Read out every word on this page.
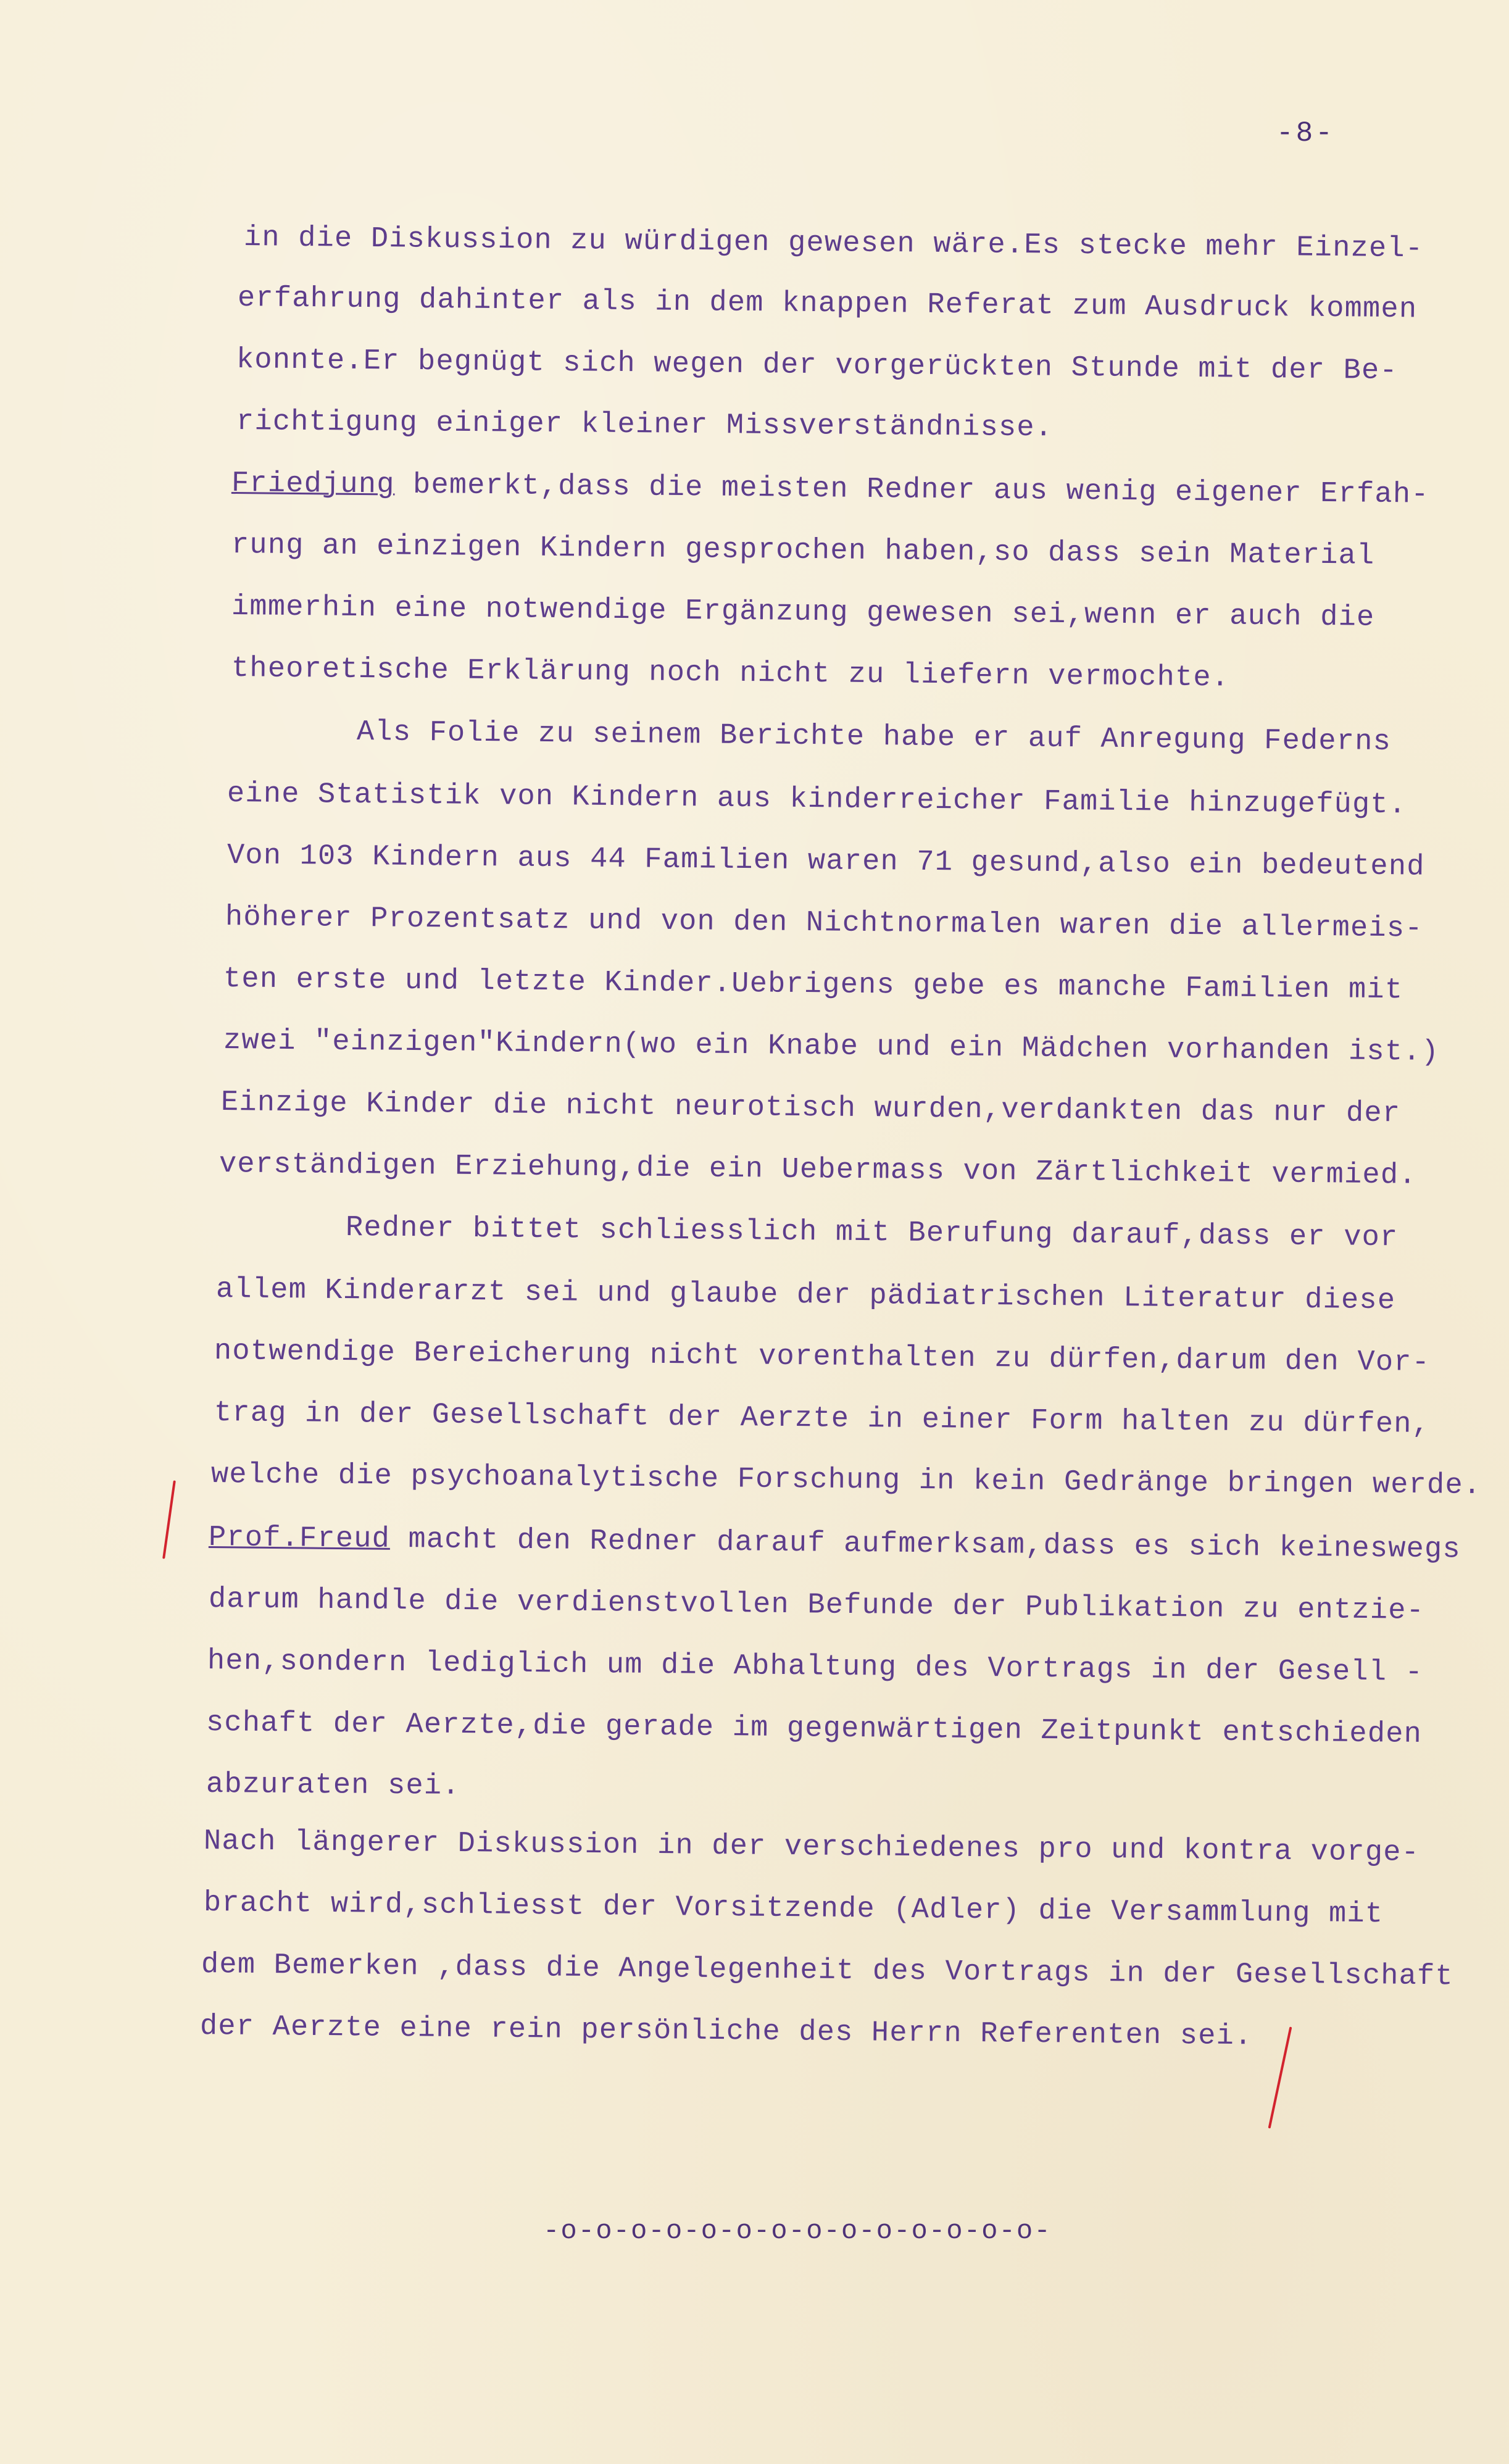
-8-
in die Diskussion zu würdigen gewesen wäre.Es stecke mehr Einzel-
erfahrung dahinter als in dem knappen Referat zum Ausdruck kommen
konnte.Er begnügt sich wegen der vorgerückten Stunde mit der Be-
richtigung einiger kleiner Missverständnisse.
Friedjung bemerkt,dass die meisten Redner aus wenig eigener Erfah-
rung an einzigen Kindern gesprochen haben,so dass sein Material
immerhin eine notwendige Ergänzung gewesen sei,wenn er auch die
theoretische Erklärung noch nicht zu liefern vermochte.
Als Folie zu seinem Berichte habe er auf Anregung Federns
eine Statistik von Kindern aus kinderreicher Familie hinzugefügt.
Von 103 Kindern aus 44 Familien waren 71 gesund,also ein bedeutend
höherer Prozentsatz und von den Nichtnormalen waren die allermeis-
ten erste und letzte Kinder.Uebrigens gebe es manche Familien mit
zwei "einzigen"Kindern(wo ein Knabe und ein Mädchen vorhanden ist.)
Einzige Kinder die nicht neurotisch wurden,verdankten das nur der
verständigen Erziehung,die ein Uebermass von Zärtlichkeit vermied.
Redner bittet schliesslich mit Berufung darauf,dass er vor
allem Kinderarzt sei und glaube der pädiatrischen Literatur diese
notwendige Bereicherung nicht vorenthalten zu dürfen,darum den Vor-
trag in der Gesellschaft der Aerzte in einer Form halten zu dürfen,
welche die psychoanalytische Forschung in kein Gedränge bringen werde.
Prof.Freud macht den Redner darauf aufmerksam,dass es sich keineswegs
darum handle die verdienstvollen Befunde der Publikation zu entzie-
hen,sondern lediglich um die Abhaltung des Vortrags in der Gesell -
schaft der Aerzte,die gerade im gegenwärtigen Zeitpunkt entschieden
abzuraten sei.
Nach längerer Diskussion in der verschiedenes pro und kontra vorge-
bracht wird,schliesst der Vorsitzende (Adler) die Versammlung mit
dem Bemerken ,dass die Angelegenheit des Vortrags in der Gesellschaft
der Aerzte eine rein persönliche des Herrn Referenten sei.
-o-o-o-o-o-o-o-o-o-o-o-o-o-o-
